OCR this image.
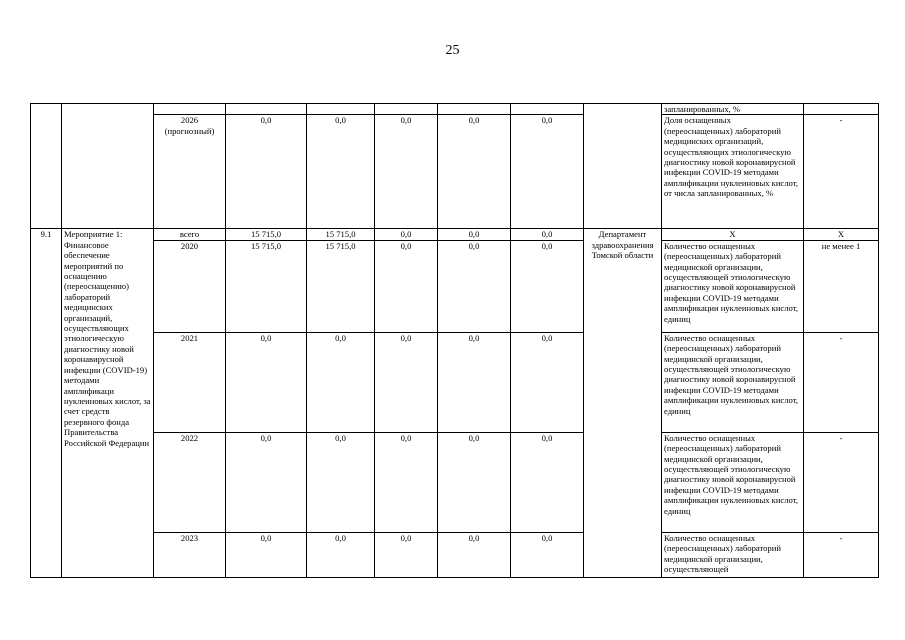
25
									запланированных, %	
		2026 (прогнозный)	0,0	0,0	0,0	0,0	0,0		Доля оснащенных (переоснащенных) лабораторий медицинских организаций, осуществляющих этиологическую диагностику новой коронавирусной инфекции COVID-19 методами амплификации нуклеиновых кислот, от числа запланированных, %	-
9.1	Мероприятие 1: Финансовое обеспечение мероприятий по оснащению (переоснащению) лабораторий медицинских организаций, осуществляющих этиологическую диагностику новой коронавирусной инфекции (COVID-19) методами амплификаци нуклеиновых кислот, за счет средств резервного фонда Правительства Российской Федерации	всего	15 715,0	15 715,0	0,0	0,0	0,0	Департамент здравоохранения Томской области	Х	Х
		2020	15 715,0	15 715,0	0,0	0,0	0,0		Количество оснащенных (переоснащенных) лабораторий медицинской организации, осуществляющей этиологическую диагностику новой коронавирусной инфекции COVID-19 методами амплификации нуклеиновых кислот, единиц	не менее 1
		2021	0,0	0,0	0,0	0,0	0,0		Количество оснащенных (переоснащенных) лабораторий медицинской организации, осуществляющей этиологическую диагностику новой коронавирусной инфекции COVID-19 методами амплификации нуклеиновых кислот, единиц	-
		2022	0,0	0,0	0,0	0,0	0,0		Количество оснащенных (переоснащенных) лабораторий медицинской организации, осуществляющей этиологическую диагностику новой коронавирусной инфекции COVID-19 методами амплификации нуклеиновых кислот, единиц	-
		2023	0,0	0,0	0,0	0,0	0,0		Количество оснащенных (переоснащенных) лабораторий медицинской организации, осуществляющей	-
